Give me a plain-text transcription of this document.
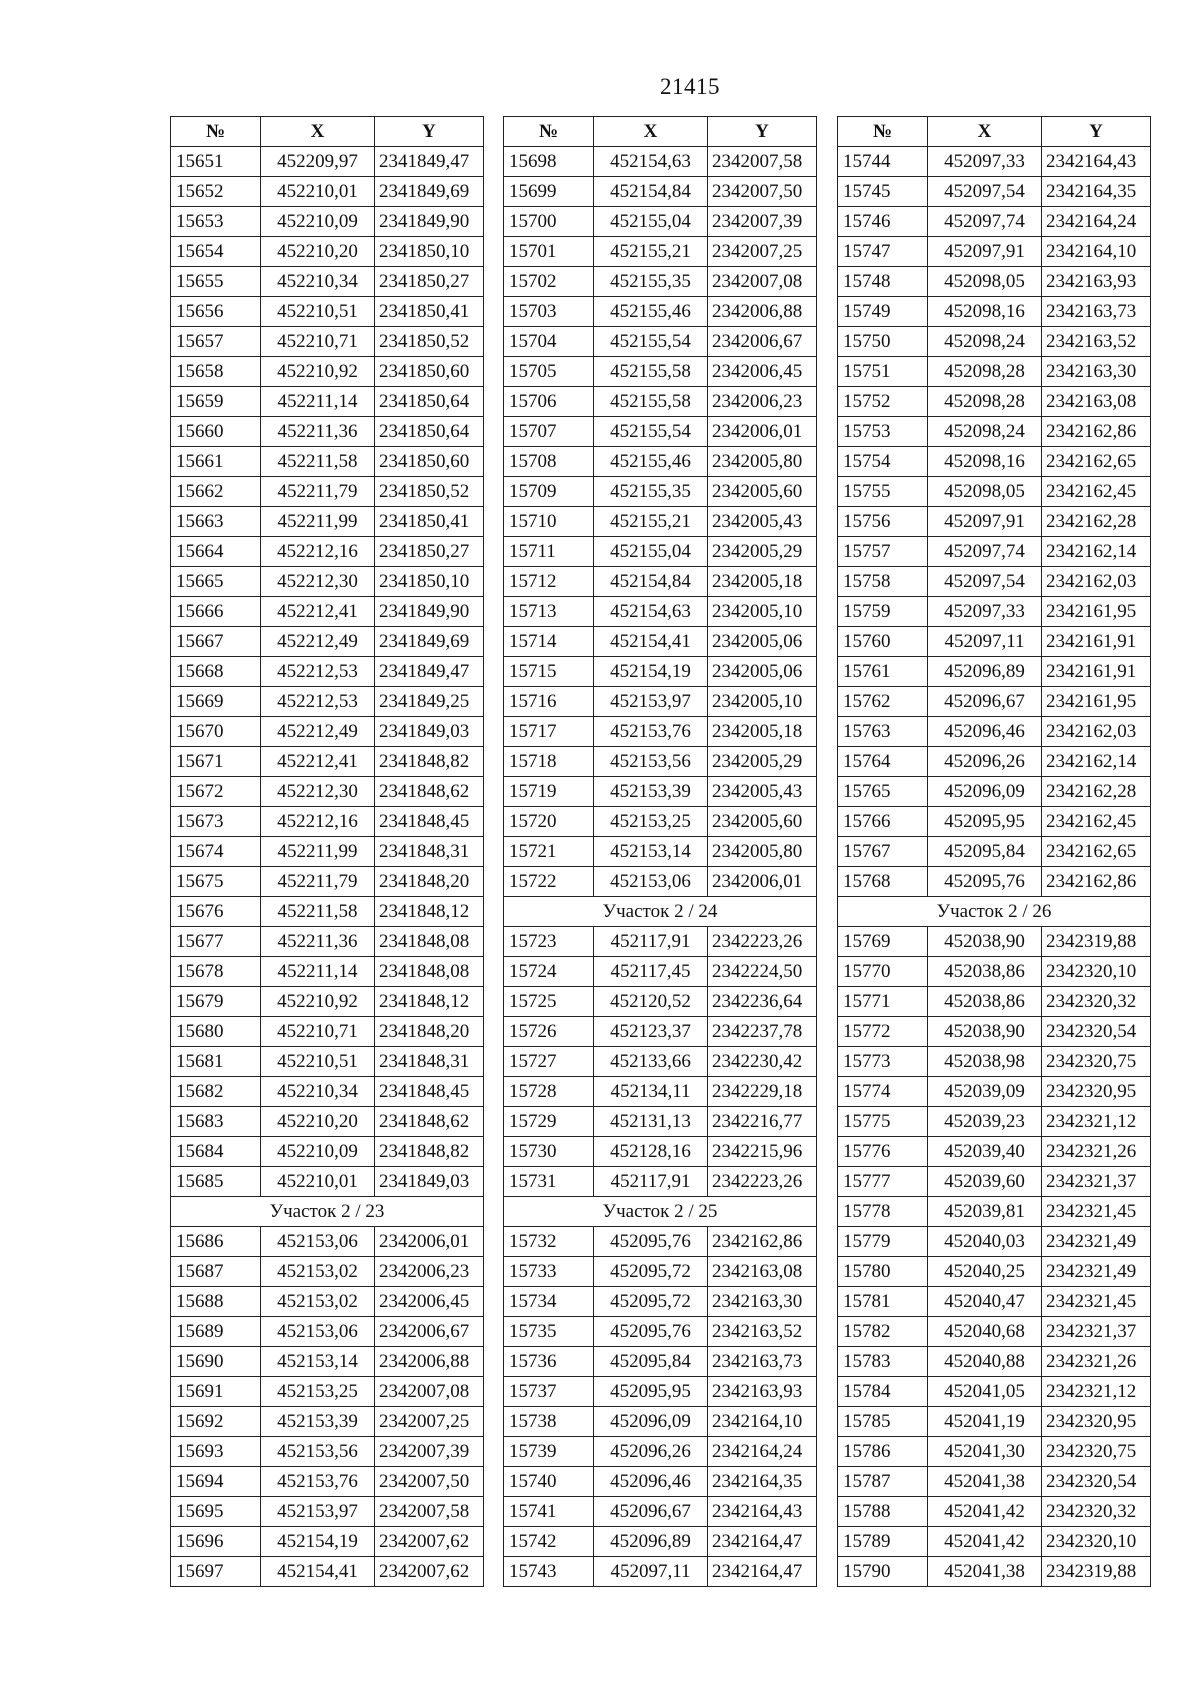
21415
№	X	Y
15651	452209,97	2341849,47
15652	452210,01	2341849,69
15653	452210,09	2341849,90
15654	452210,20	2341850,10
15655	452210,34	2341850,27
15656	452210,51	2341850,41
15657	452210,71	2341850,52
15658	452210,92	2341850,60
15659	452211,14	2341850,64
15660	452211,36	2341850,64
15661	452211,58	2341850,60
15662	452211,79	2341850,52
15663	452211,99	2341850,41
15664	452212,16	2341850,27
15665	452212,30	2341850,10
15666	452212,41	2341849,90
15667	452212,49	2341849,69
15668	452212,53	2341849,47
15669	452212,53	2341849,25
15670	452212,49	2341849,03
15671	452212,41	2341848,82
15672	452212,30	2341848,62
15673	452212,16	2341848,45
15674	452211,99	2341848,31
15675	452211,79	2341848,20
15676	452211,58	2341848,12
15677	452211,36	2341848,08
15678	452211,14	2341848,08
15679	452210,92	2341848,12
15680	452210,71	2341848,20
15681	452210,51	2341848,31
15682	452210,34	2341848,45
15683	452210,20	2341848,62
15684	452210,09	2341848,82
15685	452210,01	2341849,03
Участок 2 / 23		
15686	452153,06	2342006,01
15687	452153,02	2342006,23
15688	452153,02	2342006,45
15689	452153,06	2342006,67
15690	452153,14	2342006,88
15691	452153,25	2342007,08
15692	452153,39	2342007,25
15693	452153,56	2342007,39
15694	452153,76	2342007,50
15695	452153,97	2342007,58
15696	452154,19	2342007,62
15697	452154,41	2342007,62
№	X	Y
15698	452154,63	2342007,58
15699	452154,84	2342007,50
15700	452155,04	2342007,39
15701	452155,21	2342007,25
15702	452155,35	2342007,08
15703	452155,46	2342006,88
15704	452155,54	2342006,67
15705	452155,58	2342006,45
15706	452155,58	2342006,23
15707	452155,54	2342006,01
15708	452155,46	2342005,80
15709	452155,35	2342005,60
15710	452155,21	2342005,43
15711	452155,04	2342005,29
15712	452154,84	2342005,18
15713	452154,63	2342005,10
15714	452154,41	2342005,06
15715	452154,19	2342005,06
15716	452153,97	2342005,10
15717	452153,76	2342005,18
15718	452153,56	2342005,29
15719	452153,39	2342005,43
15720	452153,25	2342005,60
15721	452153,14	2342005,80
15722	452153,06	2342006,01
Участок 2 / 24		
15723	452117,91	2342223,26
15724	452117,45	2342224,50
15725	452120,52	2342236,64
15726	452123,37	2342237,78
15727	452133,66	2342230,42
15728	452134,11	2342229,18
15729	452131,13	2342216,77
15730	452128,16	2342215,96
15731	452117,91	2342223,26
Участок 2 / 25		
15732	452095,76	2342162,86
15733	452095,72	2342163,08
15734	452095,72	2342163,30
15735	452095,76	2342163,52
15736	452095,84	2342163,73
15737	452095,95	2342163,93
15738	452096,09	2342164,10
15739	452096,26	2342164,24
15740	452096,46	2342164,35
15741	452096,67	2342164,43
15742	452096,89	2342164,47
15743	452097,11	2342164,47
№	X	Y
15744	452097,33	2342164,43
15745	452097,54	2342164,35
15746	452097,74	2342164,24
15747	452097,91	2342164,10
15748	452098,05	2342163,93
15749	452098,16	2342163,73
15750	452098,24	2342163,52
15751	452098,28	2342163,30
15752	452098,28	2342163,08
15753	452098,24	2342162,86
15754	452098,16	2342162,65
15755	452098,05	2342162,45
15756	452097,91	2342162,28
15757	452097,74	2342162,14
15758	452097,54	2342162,03
15759	452097,33	2342161,95
15760	452097,11	2342161,91
15761	452096,89	2342161,91
15762	452096,67	2342161,95
15763	452096,46	2342162,03
15764	452096,26	2342162,14
15765	452096,09	2342162,28
15766	452095,95	2342162,45
15767	452095,84	2342162,65
15768	452095,76	2342162,86
Участок 2 / 26		
15769	452038,90	2342319,88
15770	452038,86	2342320,10
15771	452038,86	2342320,32
15772	452038,90	2342320,54
15773	452038,98	2342320,75
15774	452039,09	2342320,95
15775	452039,23	2342321,12
15776	452039,40	2342321,26
15777	452039,60	2342321,37
15778	452039,81	2342321,45
15779	452040,03	2342321,49
15780	452040,25	2342321,49
15781	452040,47	2342321,45
15782	452040,68	2342321,37
15783	452040,88	2342321,26
15784	452041,05	2342321,12
15785	452041,19	2342320,95
15786	452041,30	2342320,75
15787	452041,38	2342320,54
15788	452041,42	2342320,32
15789	452041,42	2342320,10
15790	452041,38	2342319,88
